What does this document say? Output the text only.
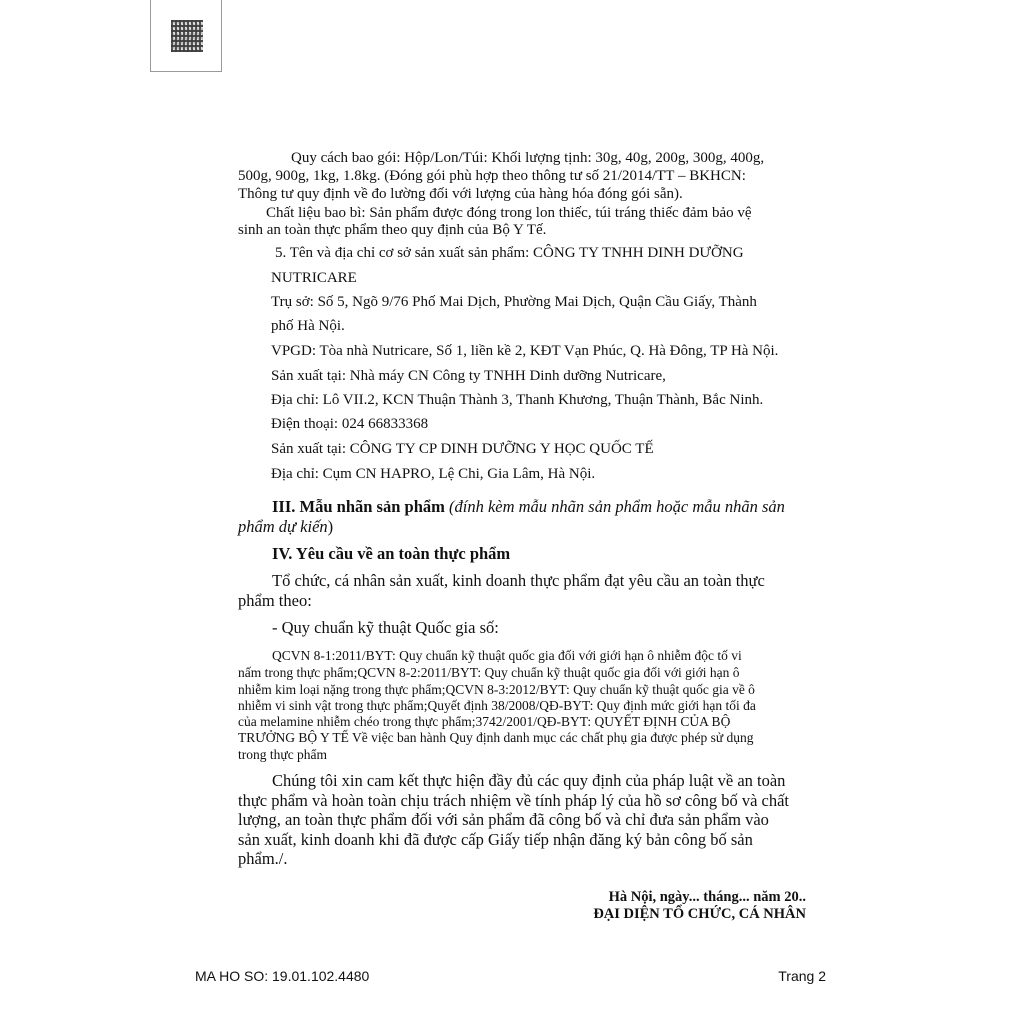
Quy cách bao gói: Hộp/Lon/Túi: Khối lượng tịnh: 30g, 40g, 200g, 300g, 400g,

500g, 900g, 1kg, 1.8kg. (Đóng gói phù hợp theo thông tư số 21/2014/TT – BKHCN:

Thông tư quy định về đo lường đối với lượng của hàng hóa đóng gói sẵn).

Chất liệu bao bì: Sản phẩm được đóng trong lon thiếc, túi tráng thiếc đảm bảo vệ

sinh an toàn thực phẩm theo quy định của Bộ Y Tế.

5. Tên và địa chỉ cơ sở sản xuất sản phẩm: CÔNG TY TNHH DINH DƯỠNG

NUTRICARE

Trụ sở: Số 5, Ngõ 9/76 Phố Mai Dịch, Phường Mai Dịch, Quận Cầu Giấy, Thành

phố Hà Nội.

VPGD: Tòa nhà Nutricare, Số 1, liền kề 2, KĐT Vạn Phúc, Q. Hà Đông, TP Hà Nội.

Sản xuất tại: Nhà máy CN Công ty TNHH Dinh dưỡng Nutricare,

Địa chỉ: Lô VII.2, KCN Thuận Thành 3, Thanh Khương, Thuận Thành, Bắc Ninh.

Điện thoại: 024 66833368

Sản xuất tại: CÔNG TY CP DINH DƯỠNG Y HỌC QUỐC TẾ

Địa chỉ: Cụm CN HAPRO, Lệ Chi, Gia Lâm, Hà Nội.

III. Mẫu nhãn sản phẩm (đính kèm mẫu nhãn sản phẩm hoặc mẫu nhãn sản

phẩm dự kiến)

IV. Yêu cầu về an toàn thực phẩm

Tổ chức, cá nhân sản xuất, kinh doanh thực phẩm đạt yêu cầu an toàn thực

phẩm theo:

- Quy chuẩn kỹ thuật Quốc gia số:

QCVN 8-1:2011/BYT: Quy chuẩn kỹ thuật quốc gia đối với giới hạn ô nhiễm độc tố vi

nấm trong thực phẩm;QCVN 8-2:2011/BYT: Quy chuẩn kỹ thuật quốc gia đối với giới hạn ô

nhiễm kim loại nặng trong thực phẩm;QCVN 8-3:2012/BYT: Quy chuẩn kỹ thuật quốc gia về ô

nhiễm vi sinh vật trong thực phẩm;Quyết định 38/2008/QĐ-BYT: Quy định mức giới hạn tối đa

của melamine nhiễm chéo trong thực phẩm;3742/2001/QĐ-BYT: QUYẾT ĐỊNH CỦA BỘ

TRƯỞNG BỘ Y TẾ Về việc ban hành Quy định danh mục các chất phụ gia được phép sử dụng

trong thực phẩm

Chúng tôi xin cam kết thực hiện đầy đủ các quy định của pháp luật về an toàn

thực phẩm và hoàn toàn chịu trách nhiệm về tính pháp lý của hồ sơ công bố và chất

lượng, an toàn thực phẩm đối với sản phẩm đã công bố và chỉ đưa sản phẩm vào

sản xuất, kinh doanh khi đã được cấp Giấy tiếp nhận đăng ký bản công bố sản

phẩm./.

Hà Nội, ngày... tháng... năm 20..

ĐẠI DIỆN TỔ CHỨC, CÁ NHÂN

MA HO SO: 19.01.102.4480	Trang 2
